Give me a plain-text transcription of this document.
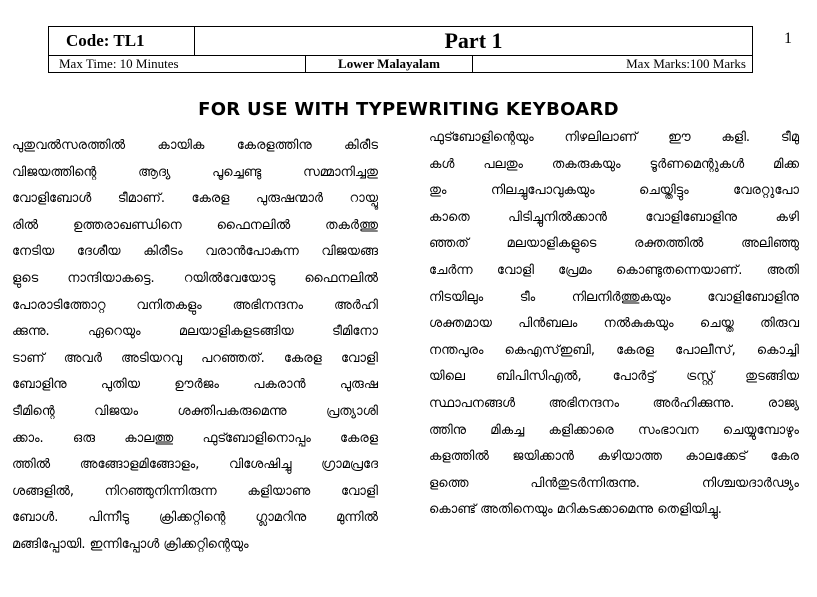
Code: TL1	Part 1
Max Time: 10 Minutes	Lower Malayalam	Max Marks:100 Marks
1
FOR USE WITH TYPEWRITING KEYBOARD
പുതുവല്‍സരത്തില്‍ കായിക കേരളത്തിനു കിരീട
വിജയത്തിന്റെ ആദ്യ പൂച്ചെണ്ടു സമ്മാനിച്ചതു
വോളിബോള്‍ ടീമാണ്‌. കേരള പുരുഷന്മാര്‍ റായ്പൂ
രില്‍ ഉത്തരാഖണ്ഡിനെ ഫൈനലില്‍ തകര്‍ത്തു
നേടിയ ദേശീയ കിരീടം വരാന്‍പോകുന്ന വിജയങ്ങ
ളുടെ നാന്ദിയാകട്ടെ. റയില്‍വേയോടു ഫൈനലില്‍
പോരാടിത്തോറ്റ വനിതകളും അഭിനന്ദനം അര്‍ഹി
ക്കുന്നു. ഏറെയും മലയാളികളടങ്ങിയ ടീമിനോ
ടാണ്‌ അവര്‍ അടിയറവു പറഞ്ഞത്‌. കേരള വോളി
ബോളിനു പുതിയ ഊര്‍ജം പകരാന്‍ പുരുഷ
ടീമിന്റെ വിജയം ശക്തിപകരുമെന്നു പ്രത്യാശി
ക്കാം. ഒരു കാലത്തു ഫുട്ബോളിനൊപ്പം കേരള
ത്തില്‍ അങ്ങോളമിങ്ങോളം, വിശേഷിച്ചു ഗ്രാമപ്രദേ
ശങ്ങളില്‍, നിറഞ്ഞുനിന്നിരുന്ന കളിയാണു വോളി
ബോള്‍. പിന്നീടു ക്രിക്കറ്റിന്റെ ഗ്ലാമറിനു മുന്നില്‍
മങ്ങിപ്പോയി. ഇന്നിപ്പോള്‍ ക്രിക്കറ്റിന്റെയും
ഫുട്ബോളിന്റെയും നിഴലിലാണ്‌ ഈ കളി. ടീമു
കള്‍ പലതും തകരുകയും ടൂര്‍ണമെന്റുകള്‍ മിക്ക
തും നിലച്ചുപോവുകയും ചെയ്തിട്ടും വേരറ്റുപോ
കാതെ പിടിച്ചുനില്‍ക്കാന്‍ വോളിബോളിനു കഴി
ഞ്ഞത്‌ മലയാളികളുടെ രക്തത്തില്‍ അലിഞ്ഞു
ചേര്‍ന്ന വോളി പ്രേമം കൊണ്ടുതന്നെയാണ്‌. അതി
നിടയിലും ടീം നിലനിര്‍ത്തുകയും വോളിബോളിനു
ശക്തമായ പിന്‍ബലം നല്‍കുകയും ചെയ്ത തിരുവ
നന്തപുരം കെഎസ്ഇബി, കേരള പോലീസ്‌, കൊച്ചി
യിലെ ബിപിസിഎല്‍, പോര്‍ട്ട്‌ ട്രസ്റ്റ്‌ തുടങ്ങിയ
സ്ഥാപനങ്ങള്‍ അഭിനന്ദനം അര്‍ഹിക്കുന്നു. രാജ്യ
ത്തിനു മികച്ച കളിക്കാരെ സംഭാവന ചെയ്യുമ്പോഴും
കളത്തില്‍ ജയിക്കാന്‍ കഴിയാത്ത കാലക്കേട്‌ കേര
ളത്തെ പിന്‍തുടര്‍ന്നിരുന്നു. നിശ്ചയദാര്‍ഢ്യം
കൊണ്ട്‌ അതിനെയും മറികടക്കാമെന്നു തെളിയിച്ചു.
